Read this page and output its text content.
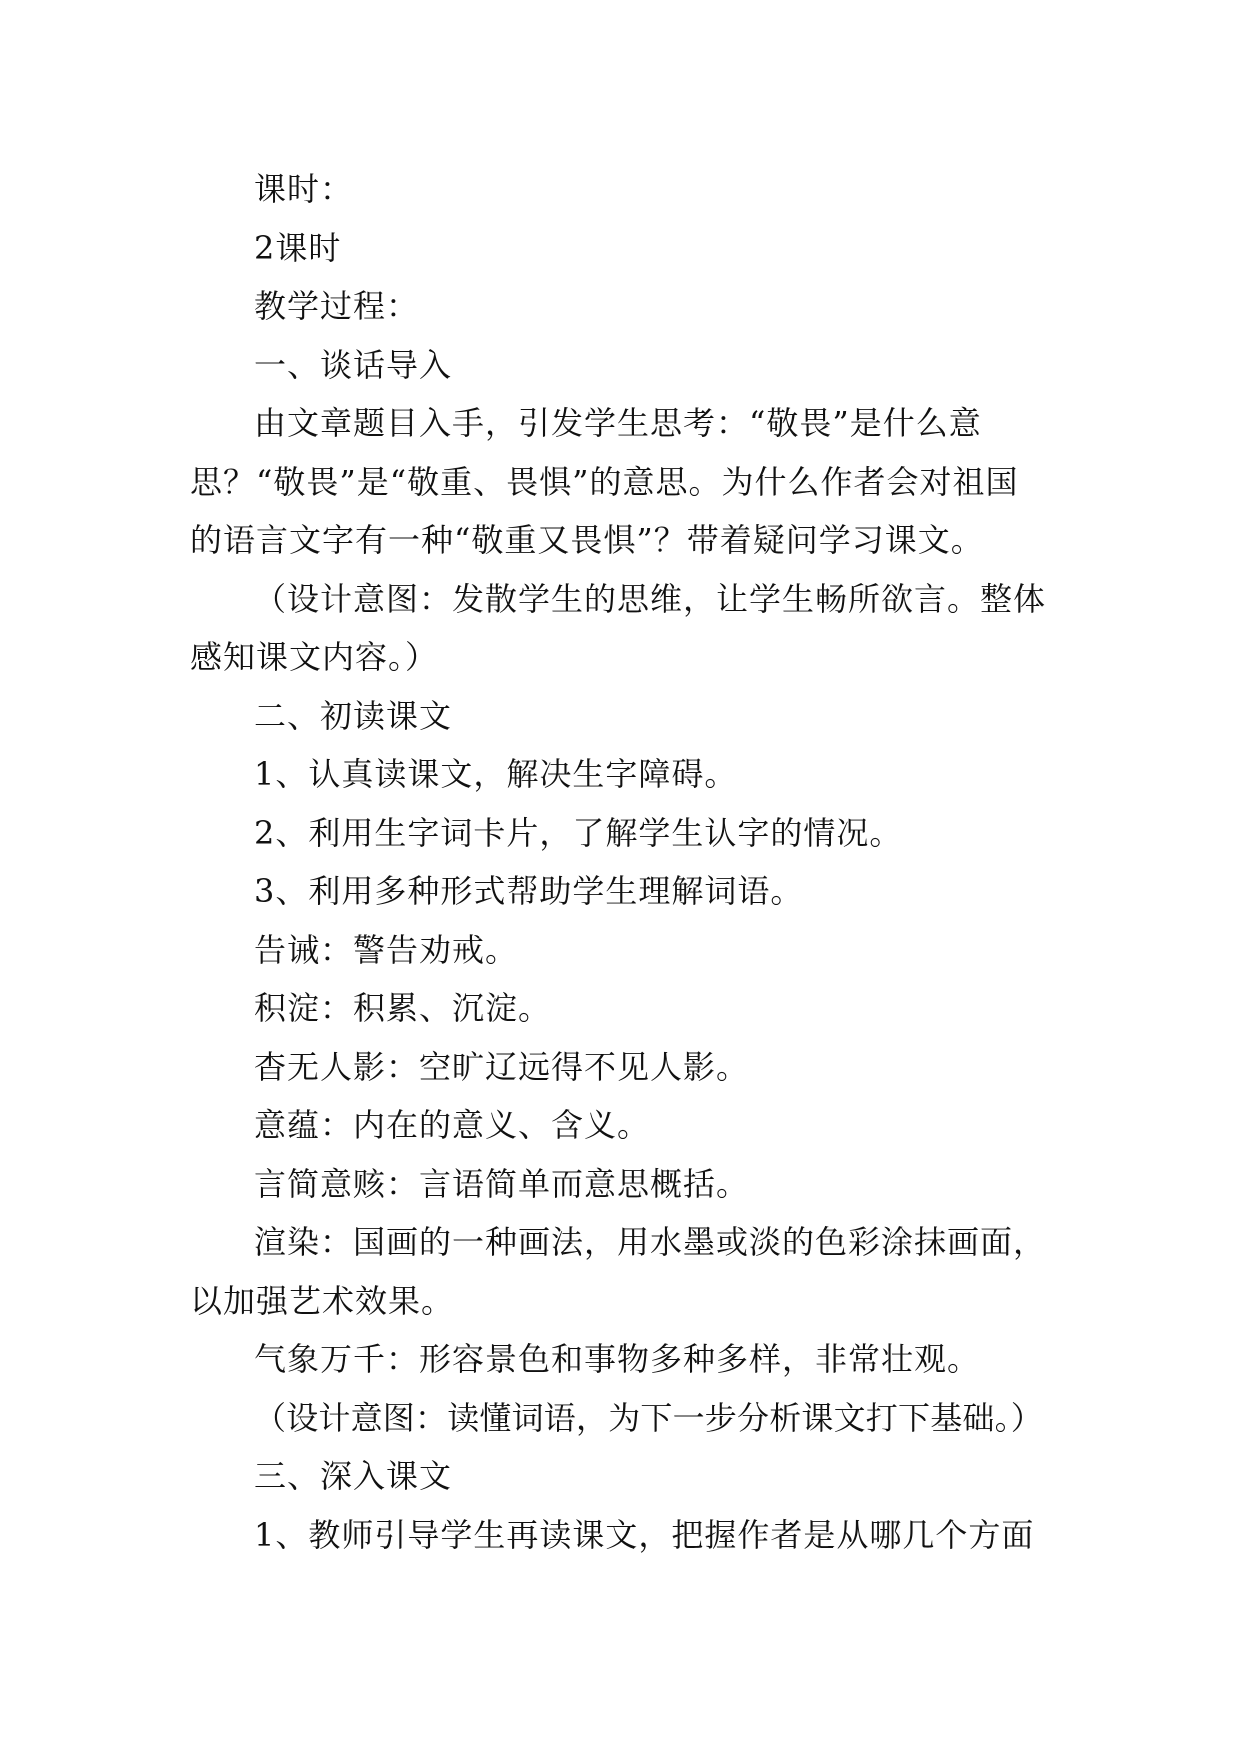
课时：

2课时

教学过程：

一、谈话导入

由文章题目入手，引发学生思考：“敬畏”是什么意思？“敬畏”是“敬重、畏惧”的意思。为什么作者会对祖国的语言文字有一种“敬重又畏惧”？带着疑问学习课文。

（设计意图：发散学生的思维，让学生畅所欲言。整体感知课文内容。）

二、初读课文

1、认真读课文，解决生字障碍。

2、利用生字词卡片，了解学生认字的情况。

3、利用多种形式帮助学生理解词语。

告诫：警告劝戒。

积淀：积累、沉淀。

杳无人影：空旷辽远得不见人影。

意蕴：内在的意义、含义。

言简意赅：言语简单而意思概括。

渲染：国画的一种画法，用水墨或淡的色彩涂抹画面，以加强艺术效果。

气象万千：形容景色和事物多种多样，非常壮观。

（设计意图：读懂词语，为下一步分析课文打下基础。）

三、深入课文

1、教师引导学生再读课文，把握作者是从哪几个方面
